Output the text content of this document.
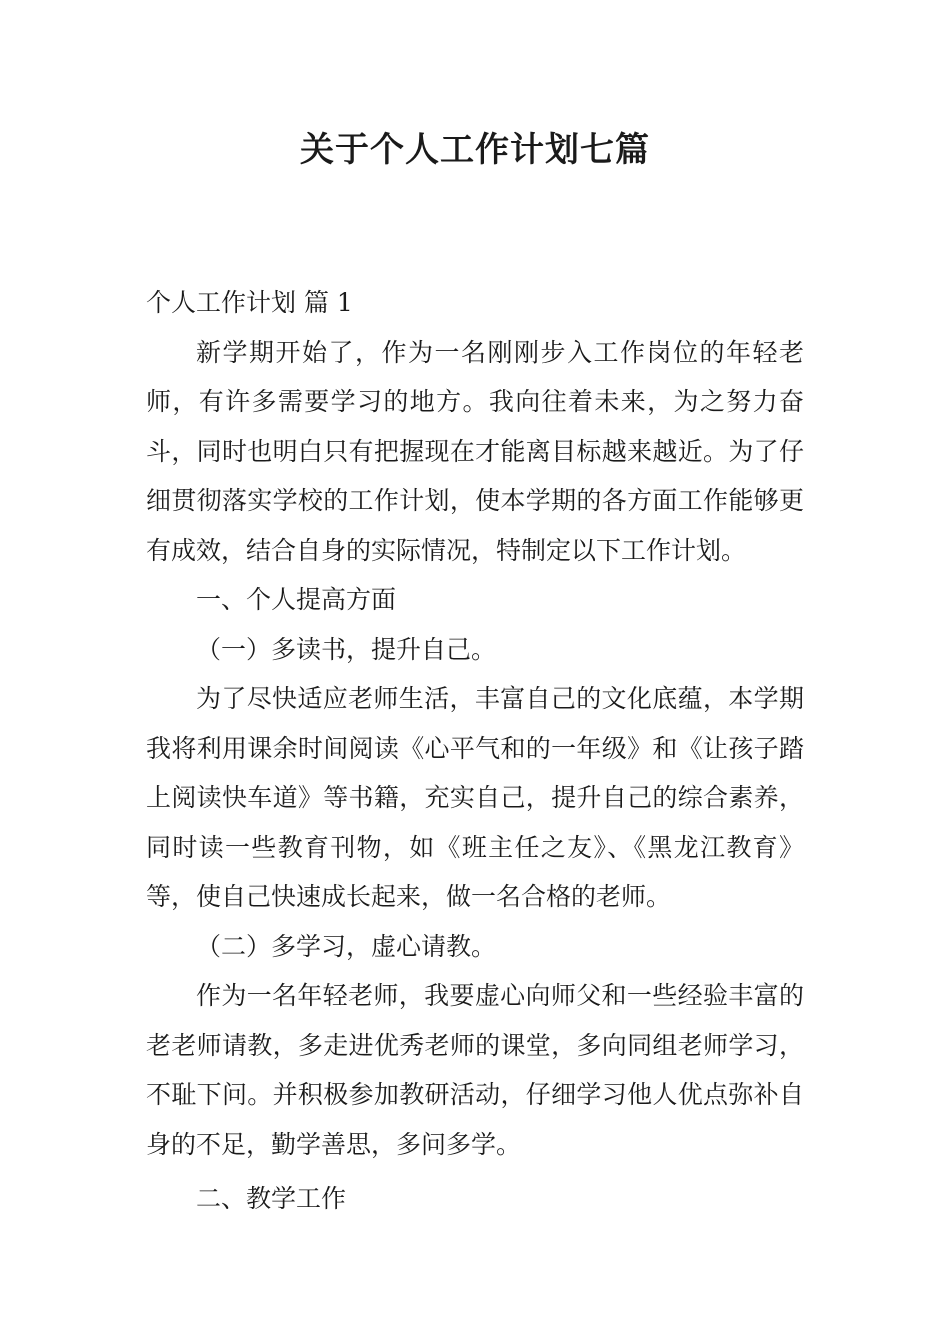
关于个人工作计划七篇

个人工作计划 篇 1

新学期开始了，作为一名刚刚步入工作岗位的年轻老师，有许多需要学习的地方。我向往着未来，为之努力奋斗，同时也明白只有把握现在才能离目标越来越近。为了仔细贯彻落实学校的工作计划，使本学期的各方面工作能够更有成效，结合自身的实际情况，特制定以下工作计划。

一、个人提高方面

（一）多读书，提升自己。

为了尽快适应老师生活，丰富自己的文化底蕴，本学期我将利用课余时间阅读《心平气和的一年级》和《让孩子踏上阅读快车道》等书籍，充实自己，提升自己的综合素养，同时读一些教育刊物，如《班主任之友》、《黑龙江教育》等，使自己快速成长起来，做一名合格的老师。

（二）多学习，虚心请教。

作为一名年轻老师，我要虚心向师父和一些经验丰富的老老师请教，多走进优秀老师的课堂，多向同组老师学习，不耻下问。并积极参加教研活动，仔细学习他人优点弥补自身的不足，勤学善思，多问多学。

二、教学工作
